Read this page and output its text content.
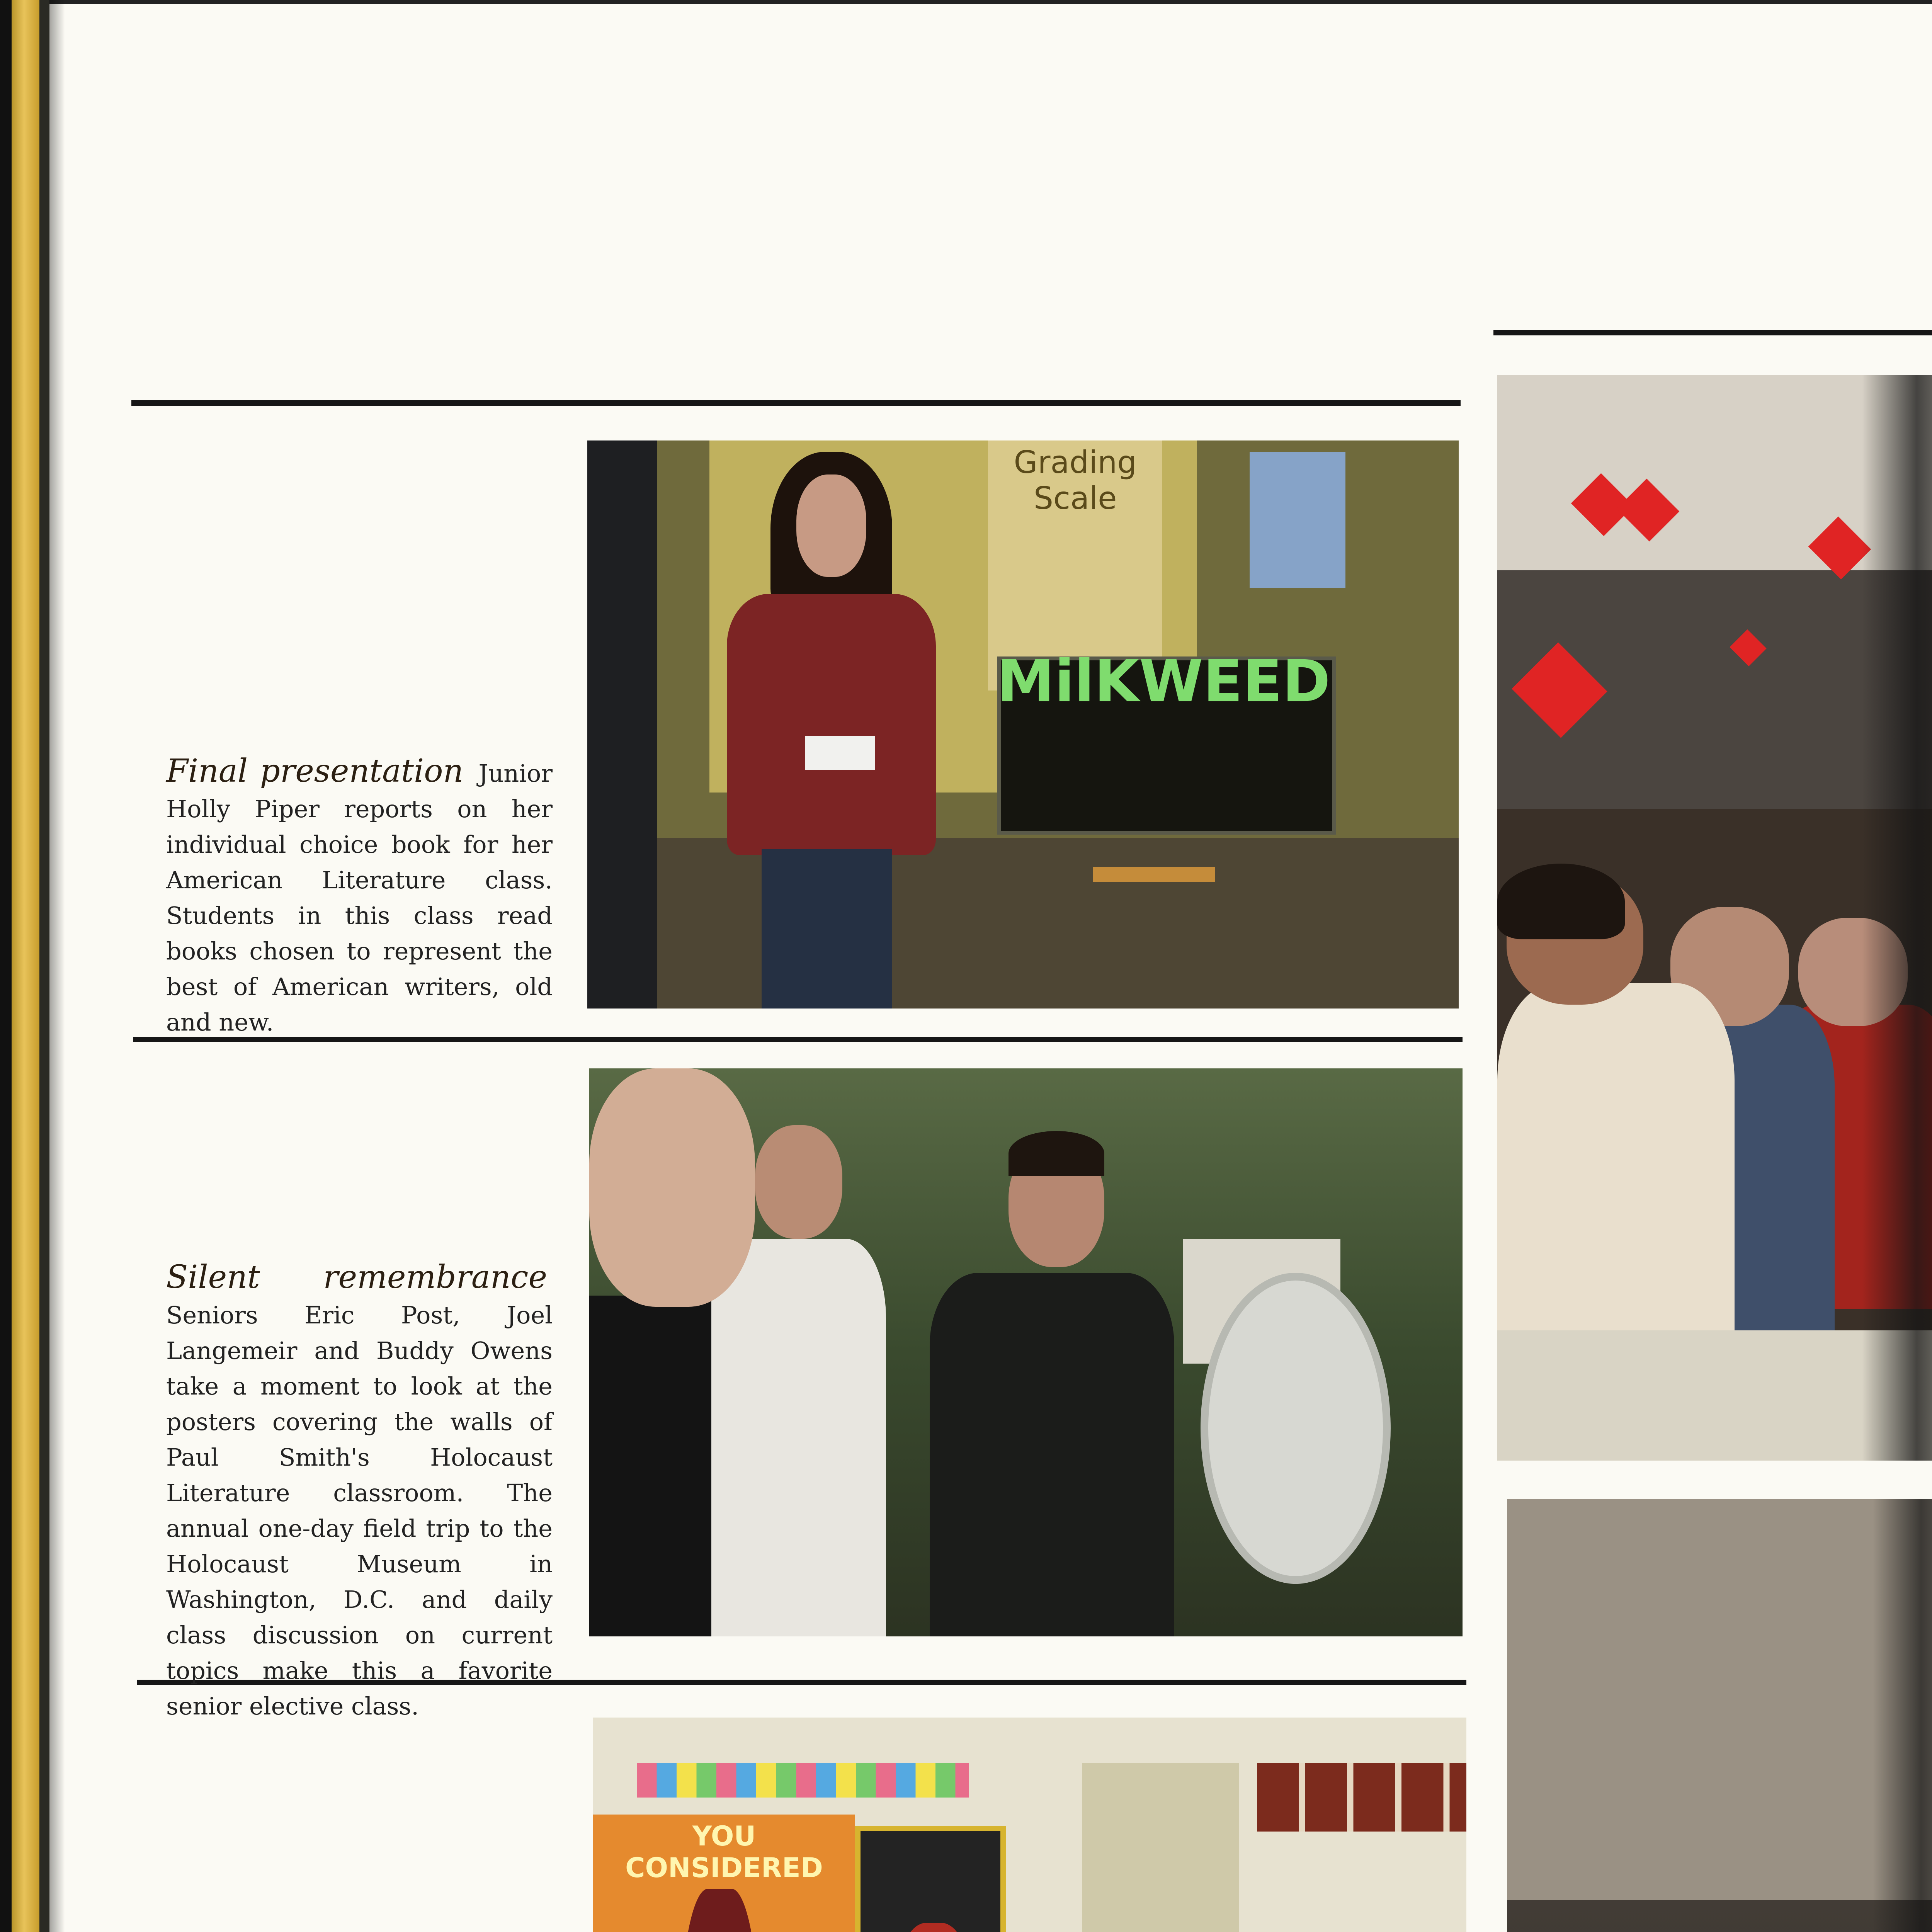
Final presentation Junior Holly Piper reports on her individual choice book for her American Literature class. Students in this class read books chosen to represent the best of American writers, old and new.
Grading Scale
MilKWEED
Silent remembrance Seniors Eric Post, Joel Langemeir and Buddy Owens take a moment to look at the posters covering the walls of Paul Smith's Holocaust Literature classroom. The annual one-day field trip to the Holocaust Museum in Washington, D.C. and daily class discussion on current topics make this a favorite senior elective class.
YOU CONSIDERED
